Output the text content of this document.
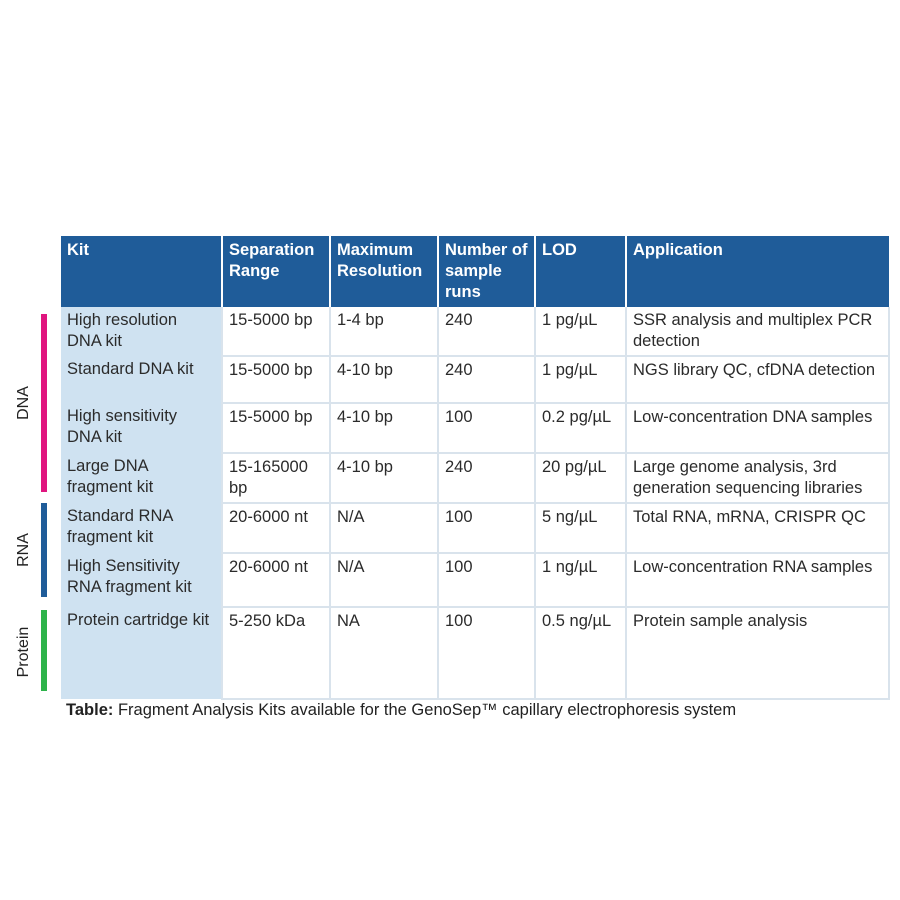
DNA
RNA
Protein
Kit	Separation Range	Maximum Resolution	Number of sample runs	LOD	Application
High resolution DNA kit	15-5000 bp	1-4 bp	240	1 pg/µL	SSR analysis and multiplex PCR detection
Standard DNA kit	15-5000 bp	4-10 bp	240	1 pg/µL	NGS library QC, cfDNA detection
High sensitivity DNA kit	15-5000 bp	4-10 bp	100	0.2 pg/µL	Low-concentration DNA samples
Large DNA fragment kit	15-165000 bp	4-10 bp	240	20 pg/µL	Large genome analysis, 3rd generation sequencing libraries
Standard RNA fragment kit	20-6000 nt	N/A	100	5 ng/µL	Total RNA, mRNA, CRISPR QC
High Sensitivity RNA fragment kit	20-6000 nt	N/A	100	1 ng/µL	Low-concentration RNA samples
Protein cartridge kit	5-250 kDa	NA	100	0.5 ng/µL	Protein sample analysis
Table: Fragment Analysis Kits available for the GenoSep™ capillary electrophoresis system
